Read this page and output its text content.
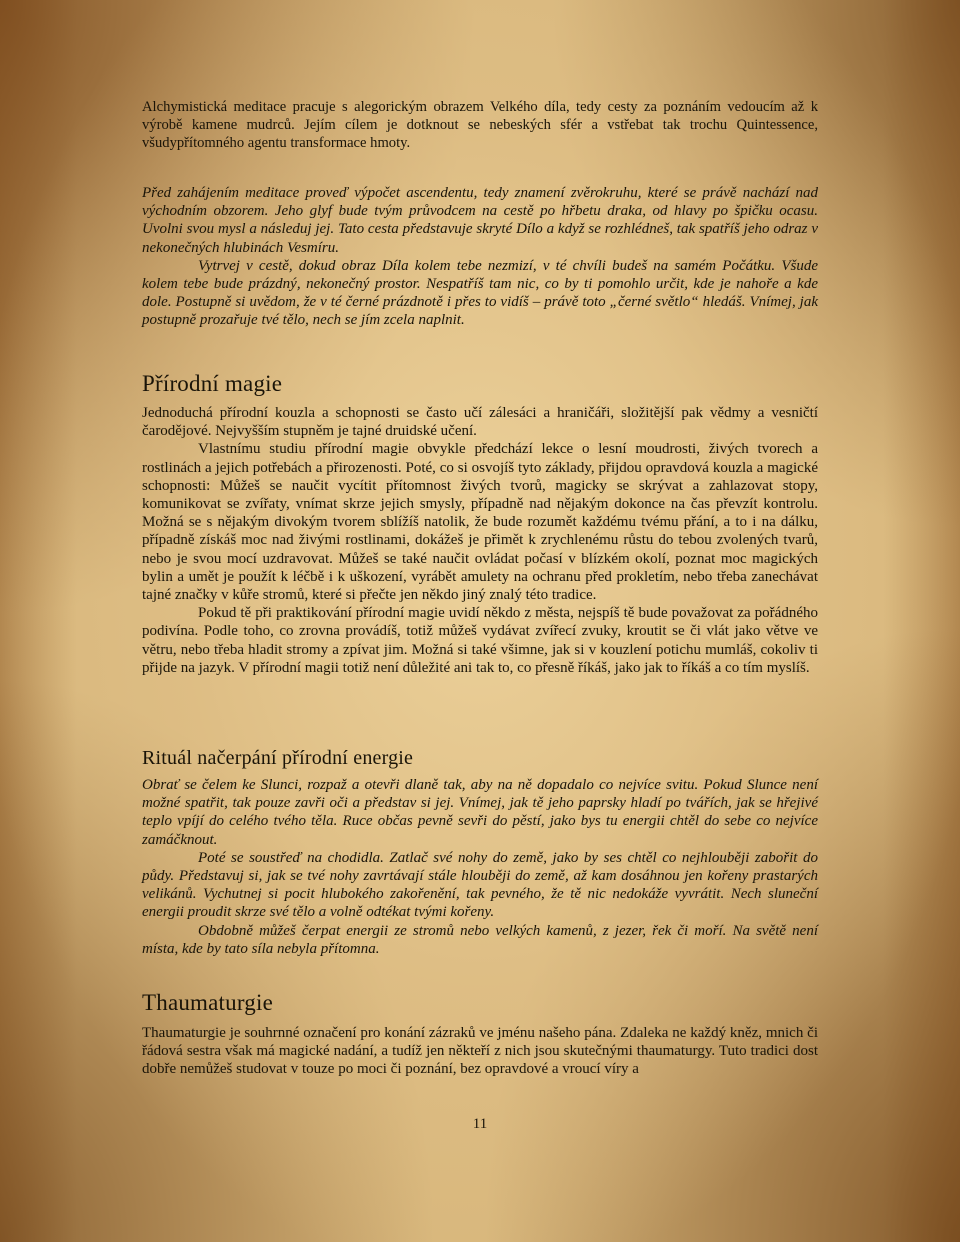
Alchymistická meditace pracuje s alegorickým obrazem Velkého díla, tedy cesty za poznáním vedoucím až k výrobě kamene mudrců. Jejím cílem je dotknout se nebeských sfér a vstřebat tak trochu Quintessence, všudypřítomného agentu transformace hmoty.

Před zahájením meditace proveď výpočet ascendentu, tedy znamení zvěrokruhu, které se právě nachází nad východním obzorem. Jeho glyf bude tvým průvodcem na cestě po hřbetu draka, od hlavy po špičku ocasu. Uvolni svou mysl a následuj jej. Tato cesta představuje skryté Dílo a když se rozhlédneš, tak spatříš jeho odraz v nekonečných hlubinách Vesmíru.

Vytrvej v cestě, dokud obraz Díla kolem tebe nezmizí, v té chvíli budeš na samém Počátku. Všude kolem tebe bude prázdný, nekonečný prostor. Nespatříš tam nic, co by ti pomohlo určit, kde je nahoře a kde dole. Postupně si uvědom, že v té černé prázdnotě i přes to vidíš – právě toto „černé světlo“ hledáš. Vnímej, jak postupně prozařuje tvé tělo, nech se jím zcela naplnit.

Přírodní magie

Jednoduchá přírodní kouzla a schopnosti se často učí zálesáci a hraničáři, složitější pak vědmy a vesničtí čarodějové. Nejvyšším stupněm je tajné druidské učení.

Vlastnímu studiu přírodní magie obvykle předchází lekce o lesní moudrosti, živých tvorech a rostlinách a jejich potřebách a přirozenosti. Poté, co si osvojíš tyto základy, přijdou opravdová kouzla a magické schopnosti: Můžeš se naučit vycítit přítomnost živých tvorů, magicky se skrývat a zahlazovat stopy, komunikovat se zvířaty, vnímat skrze jejich smysly, případně nad nějakým dokonce na čas převzít kontrolu. Možná se s nějakým divokým tvorem sblížíš natolik, že bude rozumět každému tvému přání, a to i na dálku, případně získáš moc nad živými rostlinami, dokážeš je přimět k zrychlenému růstu do tebou zvolených tvarů, nebo je svou mocí uzdravovat. Můžeš se také naučit ovládat počasí v blízkém okolí, poznat moc magických bylin a umět je použít k léčbě i k uškození, vyrábět amulety na ochranu před prokletím, nebo třeba zanechávat tajné značky v kůře stromů, které si přečte jen někdo jiný znalý této tradice.

Pokud tě při praktikování přírodní magie uvidí někdo z města, nejspíš tě bude považovat za pořádného podivína. Podle toho, co zrovna provádíš, totiž můžeš vydávat zvířecí zvuky, kroutit se či vlát jako větve ve větru, nebo třeba hladit stromy a zpívat jim. Možná si také všimne, jak si v kouzlení potichu mumláš, cokoliv ti přijde na jazyk. V přírodní magii totiž není důležité ani tak to, co přesně říkáš, jako jak to říkáš a co tím myslíš.

Rituál načerpání přírodní energie

Obrať se čelem ke Slunci, rozpaž a otevři dlaně tak, aby na ně dopadalo co nejvíce svitu. Pokud Slunce není možné spatřit, tak pouze zavři oči a představ si jej. Vnímej, jak tě jeho paprsky hladí po tvářích, jak se hřejivé teplo vpíjí do celého tvého těla. Ruce občas pevně sevři do pěstí, jako bys tu energii chtěl do sebe co nejvíce zamáčknout.

Poté se soustřeď na chodidla. Zatlač své nohy do země, jako by ses chtěl co nejhlouběji zabořit do půdy. Představuj si, jak se tvé nohy zavrtávají stále hlouběji do země, až kam dosáhnou jen kořeny prastarých velikánů. Vychutnej si pocit hlubokého zakořenění, tak pevného, že tě nic nedokáže vyvrátit. Nech sluneční energii proudit skrze své tělo a volně odtékat tvými kořeny.

Obdobně můžeš čerpat energii ze stromů nebo velkých kamenů, z jezer, řek či moří. Na světě není místa, kde by tato síla nebyla přítomna.

Thaumaturgie

Thaumaturgie je souhrnné označení pro konání zázraků ve jménu našeho pána. Zdaleka ne každý kněz, mnich či řádová sestra však má magické nadání, a tudíž jen někteří z nich jsou skutečnými thaumaturgy. Tuto tradici dost dobře nemůžeš studovat v touze po moci či poznání, bez opravdové a vroucí víry a

11
